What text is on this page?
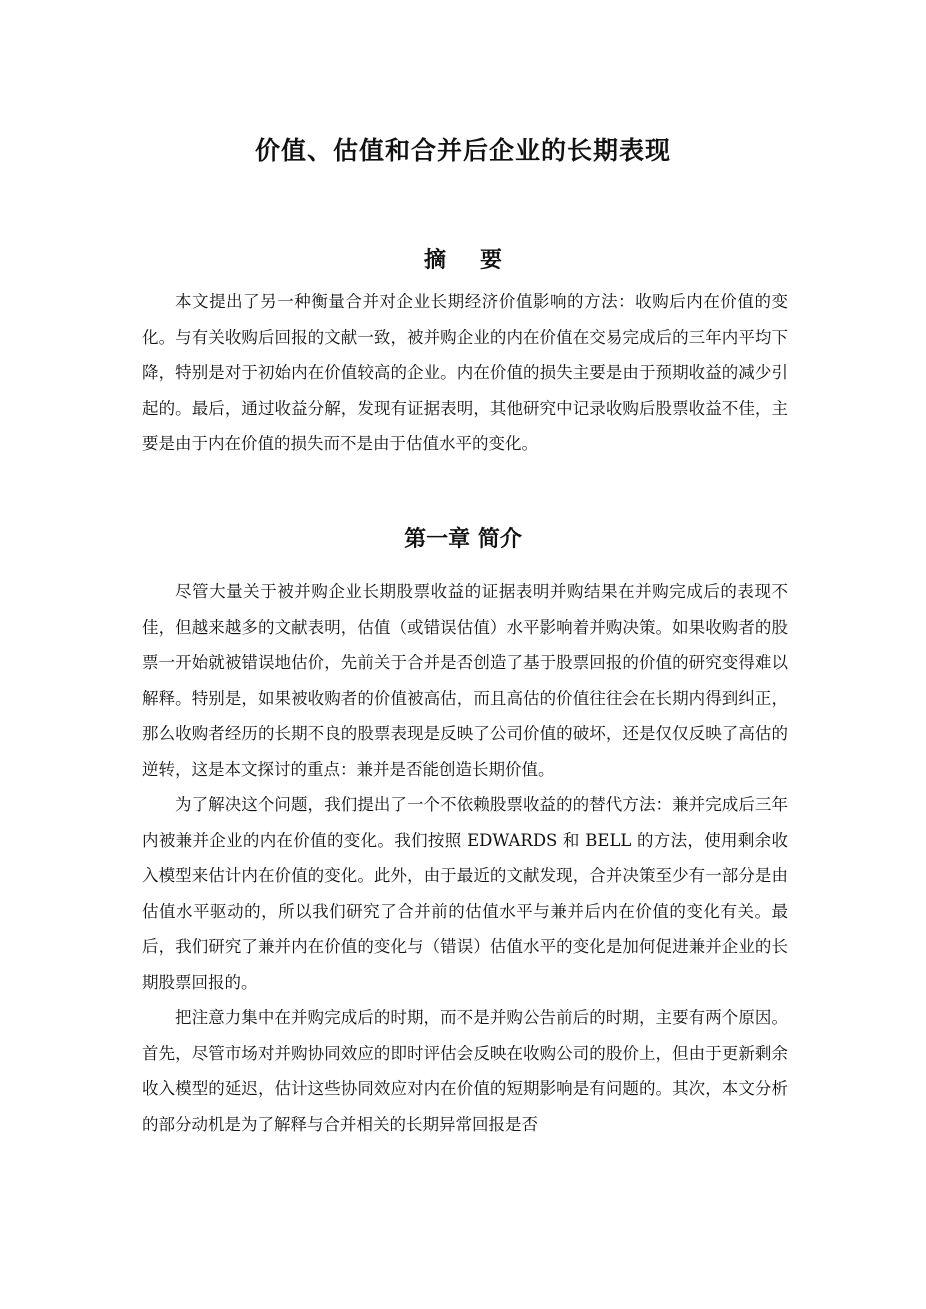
价值、估值和合并后企业的长期表现
摘 要

本文提出了另一种衡量合并对企业长期经济价值影响的方法：收购后内在价值的变化。与有关收购后回报的文献一致，被并购企业的内在价值在交易完成后的三年内平均下降，特别是对于初始内在价值较高的企业。内在价值的损失主要是由于预期收益的减少引起的。最后，通过收益分解，发现有证据表明，其他研究中记录收购后股票收益不佳，主要是由于内在价值的损失而不是由于估值水平的变化。

第一章 简介

尽管大量关于被并购企业长期股票收益的证据表明并购结果在并购完成后的表现不佳，但越来越多的文献表明，估值（或错误估值）水平影响着并购决策。如果收购者的股票一开始就被错误地估价，先前关于合并是否创造了基于股票回报的价值的研究变得难以解释。特别是，如果被收购者的价值被高估，而且高估的价值往往会在长期内得到纠正，那么收购者经历的长期不良的股票表现是反映了公司价值的破坏，还是仅仅反映了高估的逆转，这是本文探讨的重点：兼并是否能创造长期价值。

为了解决这个问题，我们提出了一个不依赖股票收益的的替代方法：兼并完成后三年内被兼并企业的内在价值的变化。我们按照 EDWARDS 和 BELL 的方法，使用剩余收入模型来估计内在价值的变化。此外，由于最近的文献发现，合并决策至少有一部分是由估值水平驱动的，所以我们研究了合并前的估值水平与兼并后内在价值的变化有关。最后，我们研究了兼并内在价值的变化与（错误）估值水平的变化是加何促进兼并企业的长期股票回报的。

把注意力集中在并购完成后的时期，而不是并购公告前后的时期，主要有两个原因。首先，尽管市场对并购协同效应的即时评估会反映在收购公司的股价上，但由于更新剩余收入模型的延迟，估计这些协同效应对内在价值的短期影响是有问题的。其次，本文分析的部分动机是为了解释与合并相关的长期异常回报是否
